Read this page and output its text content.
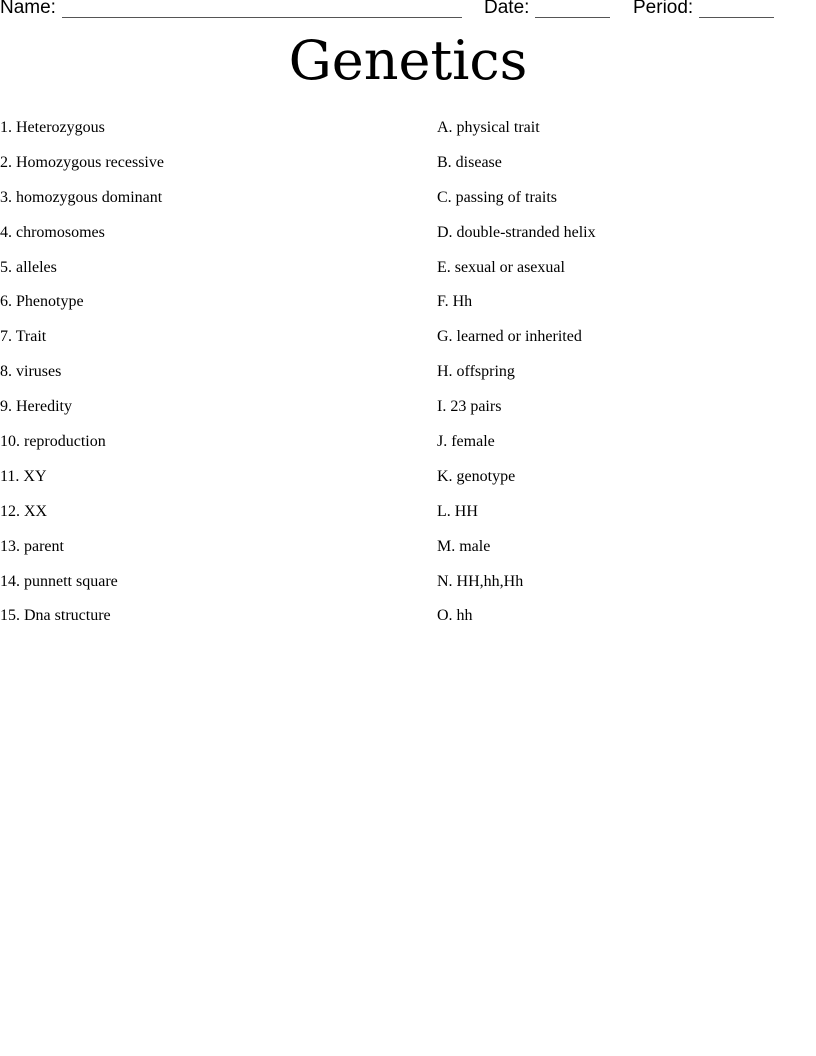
Name:	Date:	Period:
Genetics
1. Heterozygous
2. Homozygous recessive
3. homozygous dominant
4. chromosomes
5. alleles
6. Phenotype
7. Trait
8. viruses
9. Heredity
10. reproduction
11. XY
12. XX
13. parent
14. punnett square
15. Dna structure
A. physical trait
B. disease
C. passing of traits
D. double-stranded helix
E. sexual or asexual
F. Hh
G. learned or inherited
H. offspring
I. 23 pairs
J. female
K. genotype
L. HH
M. male
N. HH,hh,Hh
O. hh
